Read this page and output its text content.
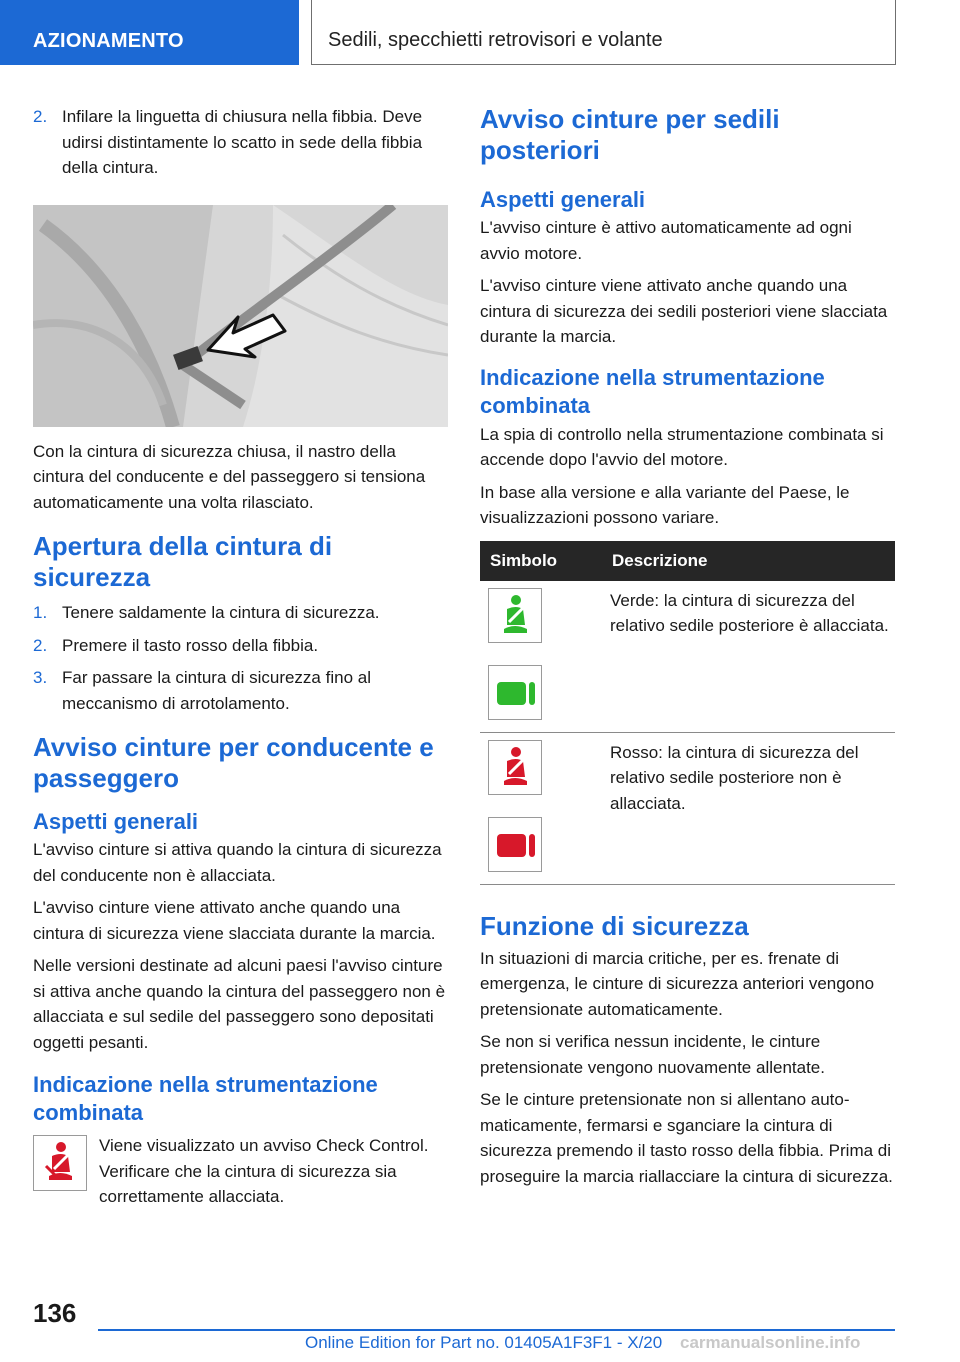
AZIONAMENTO	Sedili, specchietti retrovisori e volante
2. Infilare la linguetta di chiusura nella fibbia. Deve udirsi distintamente lo scatto in sede della fibbia della cintura.

Con la cintura di sicurezza chiusa, il nastro della cintura del conducente e del passeggero si tensiona automaticamente una volta rilasciato.

Apertura della cintura di sicurezza
1. Tenere saldamente la cintura di sicurezza.
2. Premere il tasto rosso della fibbia.
3. Far passare la cintura di sicurezza fino al meccanismo di arrotolamento.
Avviso cinture per conducente e passeggero
Aspetti generali

L'avviso cinture si attiva quando la cintura di sicurezza del conducente non è allacciata.

L'avviso cinture viene attivato anche quando una cintura di sicurezza viene slacciata durante la marcia.

Nelle versioni destinate ad alcuni paesi l'avviso cinture si attiva anche quando la cintura del passeggero non è allacciata e sul sedile del passeggero sono depositati oggetti pesanti.

Indicazione nella strumentazione combinata
Viene visualizzato un avviso Check Control. Verificare che la cintura di sicurezza sia correttamente allacciata.
Avviso cinture per sedili posteriori
Aspetti generali

L'avviso cinture è attivo automaticamente ad ogni avvio motore.

L'avviso cinture viene attivato anche quando una cintura di sicurezza dei sedili posteriori viene slacciata durante la marcia.

Indicazione nella strumentazione combinata

La spia di controllo nella strumentazione combinata si accende dopo l'avvio del motore.

In base alla versione e alla variante del Paese, le visualizzazioni possono variare.

Simbolo	Descrizione

	Verde: la cintura di sicurezza del relativo sedile posteriore è allacciata.

	Rosso: la cintura di sicurezza del relativo sedile posteriore non è allacciata.
Funzione di sicurezza

In situazioni di marcia critiche, per es. frenate di emergenza, le cinture di sicurezza anteriori vengono pretensionate automaticamente.

Se non si verifica nessun incidente, le cinture pretensionate vengono nuovamente allentate.

Se le cinture pretensionate non si allentano automaticamente, fermarsi e sganciare la cintura di sicurezza premendo il tasto rosso della fibbia. Prima di proseguire la marcia riallacciare la cintura di sicurezza.

136
Online Edition for Part no. 01405A1F3F1 - X/20 carmanualsonline.info
